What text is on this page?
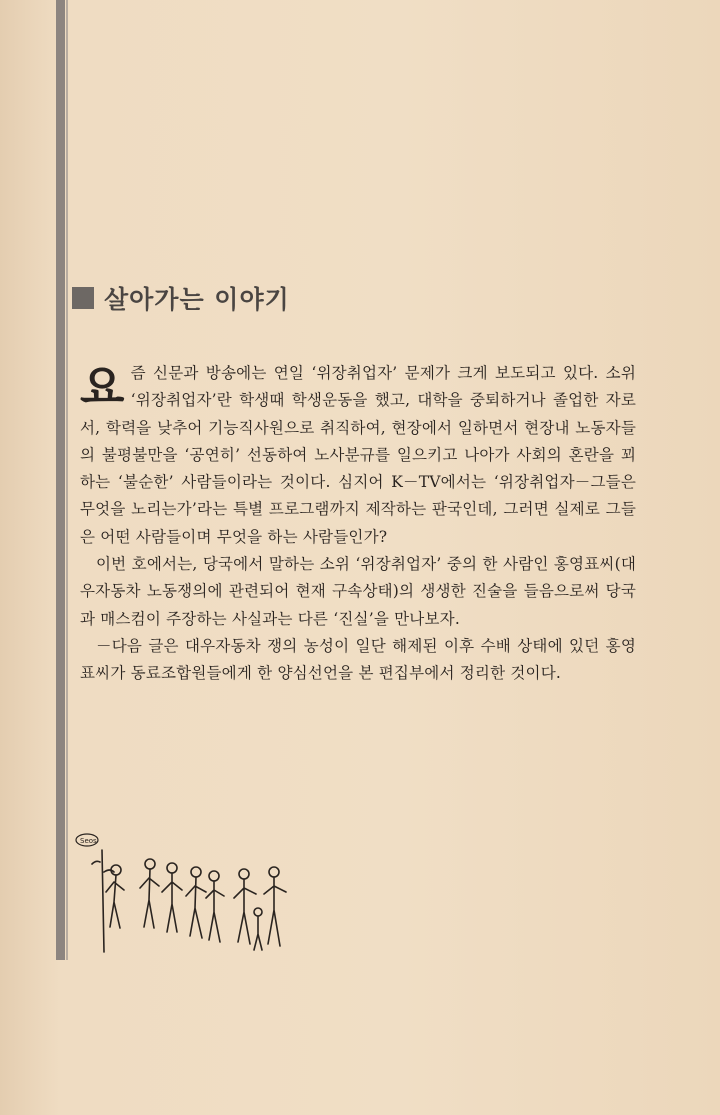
살아가는 이야기

요즘 신문과 방송에는 연일 ‘위장취업자’ 문제가 크게 보도되고 있다. 소위 ‘위장취업자’란 학생때 학생운동을 했고, 대학을 중퇴하거나 졸업한 자로서, 학력을 낮추어 기능직사원으로 취직하여, 현장에서 일하면서 현장내 노동자들의 불평불만을 ‘공연히’ 선동하여 노사분규를 일으키고 나아가 사회의 혼란을 꾀하는 ‘불순한’ 사람들이라는 것이다. 심지어 K－TV에서는 ‘위장취업자－그들은 무엇을 노리는가’라는 특별 프로그램까지 제작하는 판국인데, 그러면 실제로 그들은 어떤 사람들이며 무엇을 하는 사람들인가?

이번 호에서는, 당국에서 말하는 소위 ‘위장취업자’ 중의 한 사람인 홍영표씨(대우자동차 노동쟁의에 관련되어 현재 구속상태)의 생생한 진술을 들음으로써 당국과 매스컴이 주장하는 사실과는 다른 ‘진실’을 만나보자.

－다음 글은 대우자동차 쟁의 농성이 일단 해제된 이후 수배 상태에 있던 홍영표씨가 동료조합원들에게 한 양심선언을 본 편집부에서 정리한 것이다.

Seos
